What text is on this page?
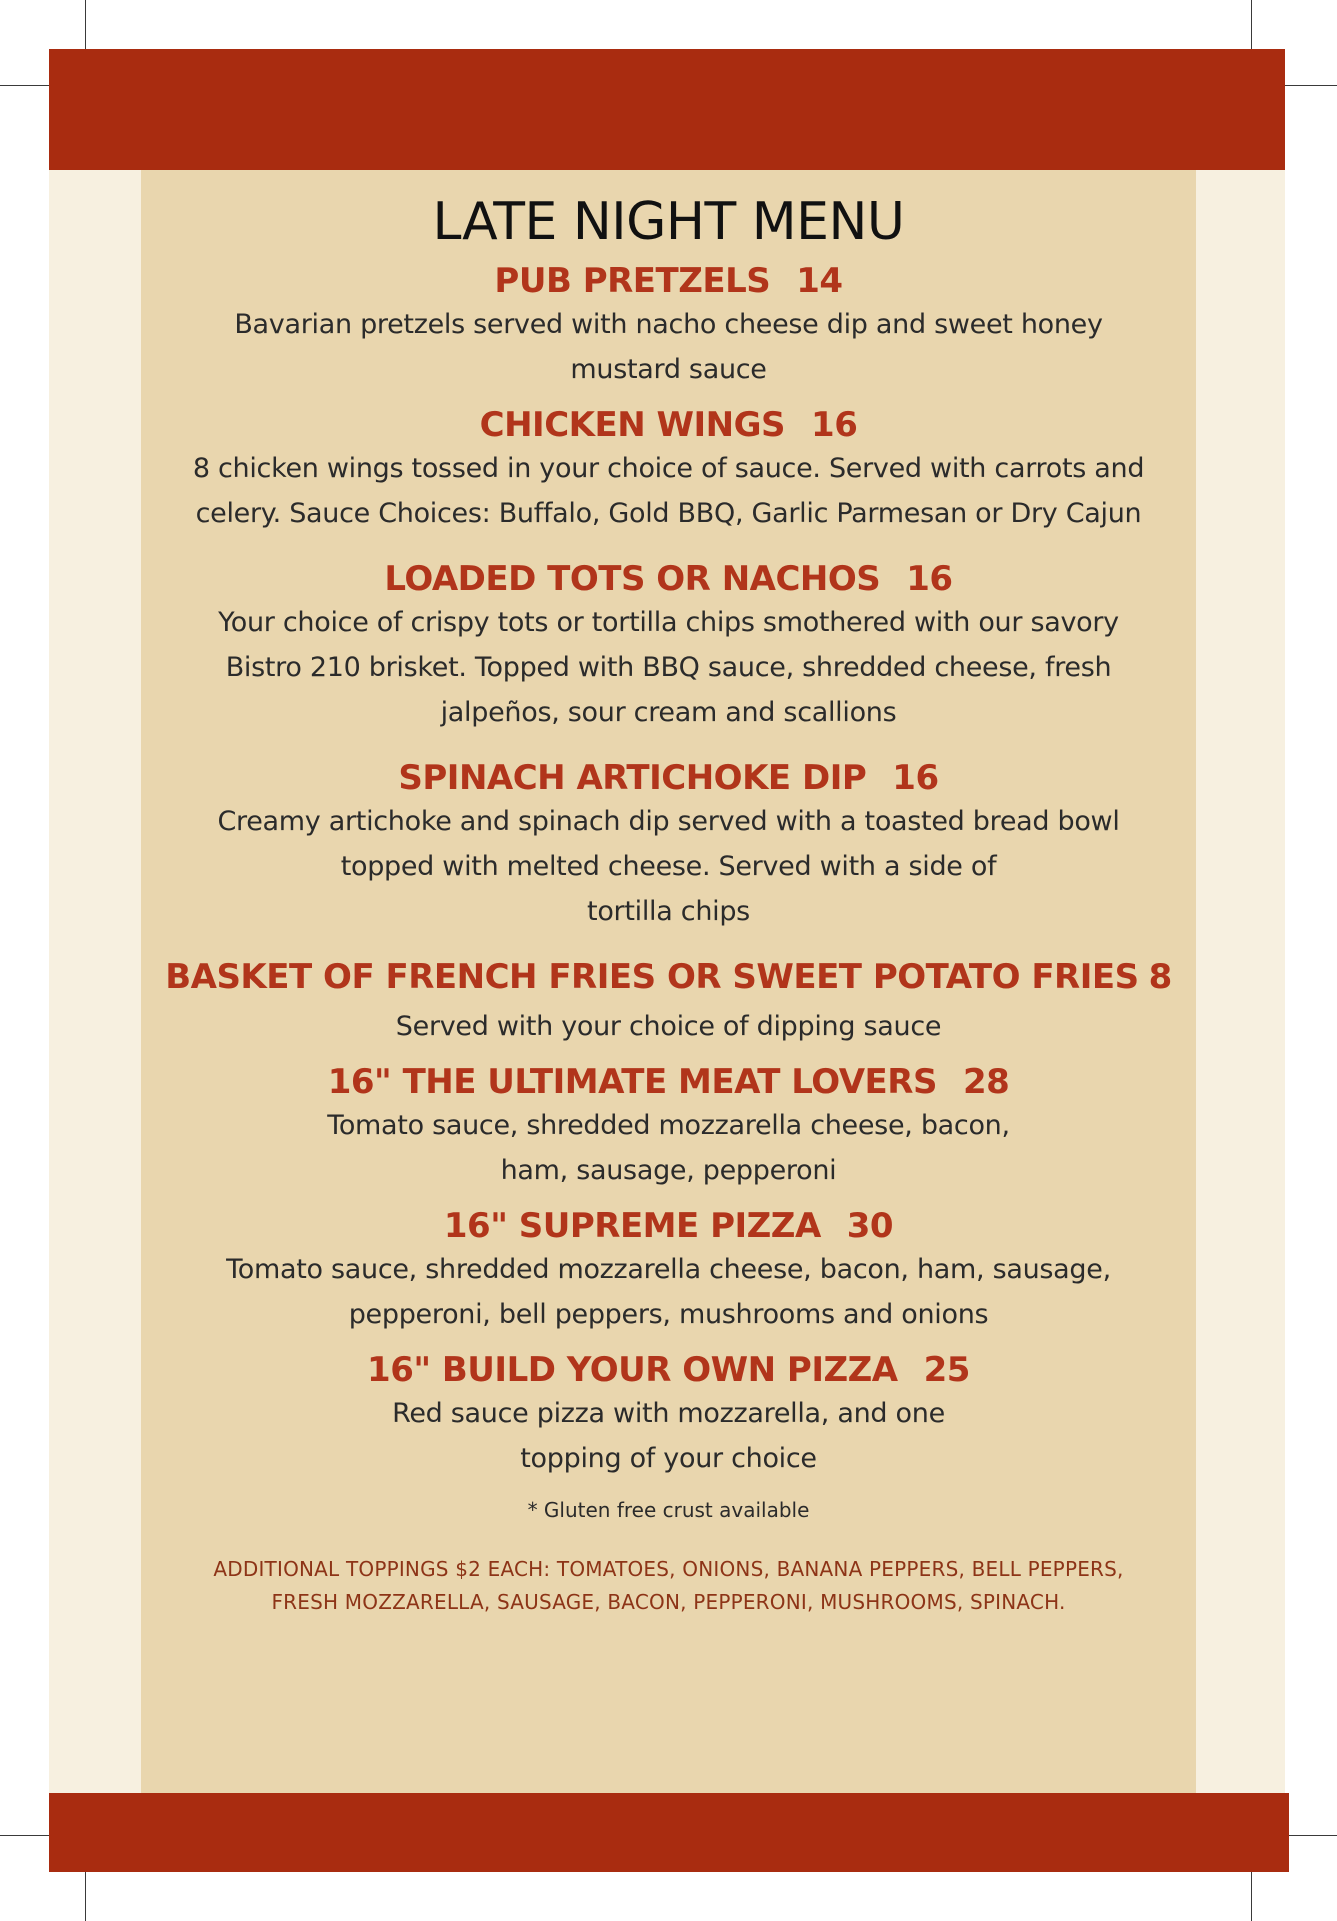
LATE NIGHT MENU
PUB PRETZELS 14

Bavarian pretzels served with nacho cheese dip and sweet honey
mustard sauce

CHICKEN WINGS 16

8 chicken wings tossed in your choice of sauce. Served with carrots and
celery. Sauce Choices: Buffalo, Gold BBQ, Garlic Parmesan or Dry Cajun

LOADED TOTS OR NACHOS 16

Your choice of crispy tots or tortilla chips smothered with our savory
Bistro 210 brisket. Topped with BBQ sauce, shredded cheese, fresh
jalpeños, sour cream and scallions

SPINACH ARTICHOKE DIP 16

Creamy artichoke and spinach dip served with a toasted bread bowl
topped with melted cheese. Served with a side of
tortilla chips

BASKET OF FRENCH FRIES OR SWEET POTATO FRIES 8

Served with your choice of dipping sauce

16" THE ULTIMATE MEAT LOVERS 28

Tomato sauce, shredded mozzarella cheese, bacon,
ham, sausage, pepperoni

16" SUPREME PIZZA 30

Tomato sauce, shredded mozzarella cheese, bacon, ham, sausage,
pepperoni, bell peppers, mushrooms and onions

16" BUILD YOUR OWN PIZZA 25

Red sauce pizza with mozzarella, and one
topping of your choice

* Gluten free crust available

ADDITIONAL TOPPINGS $2 EACH: TOMATOES, ONIONS, BANANA PEPPERS, BELL PEPPERS,
FRESH MOZZARELLA, SAUSAGE, BACON, PEPPERONI, MUSHROOMS, SPINACH.
